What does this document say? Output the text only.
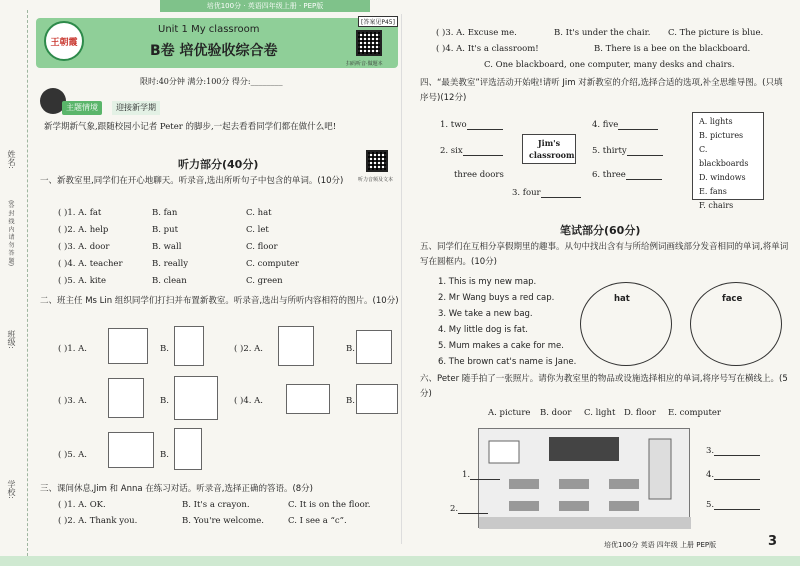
培优100分 · 英语四年级上册 · PEP版
姓名:
(答 封 线 内 请 勿 答 题)
班级:
学校:
王朝霞
Unit 1 My classroom
B卷 培优验收综合卷
[答案见P45]
扫码听音·做题本
限时:40分钟 满分:100分 得分:________
主题情境	迎接新学期
新学期新气象,跟随校园小记者 Peter 的脚步,一起去看看同学们都在做什么吧!
听力音频及文本
听力部分(40分)
一、新教室里,同学们在开心地聊天。听录音,选出所听句子中包含的单词。(10分)
( )1. A. fat	B. fan	C. hat
( )2. A. help	B. put	C. let
( )3. A. door	B. wall	C. floor
( )4. A. teacher	B. really	C. computer
( )5. A. kite	B. clean	C. green
二、班主任 Ms Lin 组织同学们打扫并布置新教室。听录音,选出与所听内容相符的图片。(10分)
( )1. A.	B.	( )2. A.	B.
( )3. A.	B.	( )4. A.	B.
( )5. A.	B.
三、课间休息,Jim 和 Anna 在练习对话。听录音,选择正确的答语。(8分)
( )1. A. OK.	B. It's a crayon.	C. It is on the floor.
( )2. A. Thank you.	B. You're welcome.	C. I see a “c”.
( )3. A. Excuse me.	B. It's under the chair.	C. The picture is blue.
( )4. A. It's a classroom!	B. There is a bee on the blackboard.
C. One blackboard, one computer, many desks and chairs.
四、“最美教室”评选活动开始啦!请听 Jim 对新教室的介绍,选择合适的选项,补全思维导图。(只填序号)(12分)
1. two
2. six
three doors
3. four
Jim's classroom
4. five
5. thirty
6. three
A. lights
B. pictures
C. blackboards
D. windows
E. fans
F. chairs
笔试部分(60分)
五、同学们在互相分享假期里的趣事。从句中找出含有与所给例词画线部分发音相同的单词,将单词写在圆框内。(10分)
1. This is my new map.
2. Mr Wang buys a red cap.
3. We take a new bag.
4. My little dog is fat.
5. Mum makes a cake for me.
6. The brown cat's name is Jane.
hat	face
六、Peter 随手拍了一张照片。请你为教室里的物品或设施选择相应的单词,将序号写在横线上。(5分)
A. picture	B. door	C. light	D. floor	E. computer
1.
2.
3.
4.
5.
培优100分 英语 四年级 上册 PEP版	3
